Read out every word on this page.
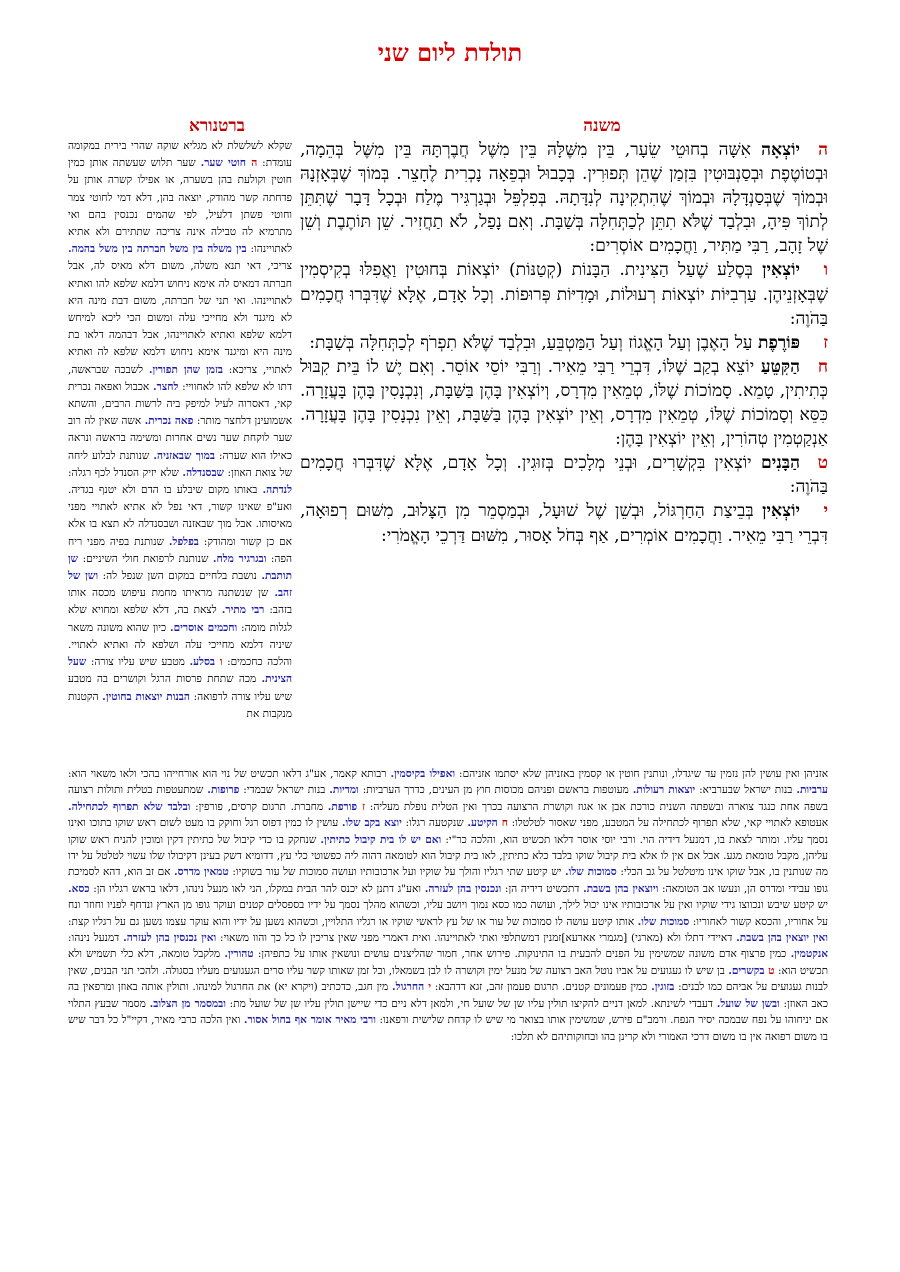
תולדת ליום שני
משנה
ברטנורא

היוֹצְאָה אִשָּׁה בְחוּטֵי שֵׂעָר, בֵּין מִשֶּׁלָּהּ בֵּין מִשֶּׁל חֲבֶרְתָּהּ בֵּין מִשֶּׁל בְּהֵמָה, וּבְטוֹטֶפֶת וּבְסַנְבּוּטִין בִּזְמַן שֶׁהֵן תְּפוּרִין. בְּכָבוּל וּבְפֵאָה נָכְרִית לֶחָצֵר. בְּמוֹךְ שֶׁבְּאָזְנָהּ וּבְמוֹךְ שֶׁבְּסַנְדָּלָהּ וּבְמוֹךְ שֶׁהִתְקִינָה לְנִדָּתָהּ. בְּפִלְפֵּל וּבְגַרְגִּיר מֶלַח וּבְכָל דָּבָר שֶׁתִּתֵּן לְתוֹךְ פִּיהָ, וּבִלְבַד שֶׁלֹּא תִתֵּן לְכַתְּחִלָּה בְּשַׁבָּת. וְאִם נָפַל, לֹא תַחֲזִיר. שֵׁן תּוֹתֶבֶת וְשֵׁן שֶׁל זָהָב, רַבִּי מַתִּיר, וַחֲכָמִים אוֹסְרִים:

ויוֹצְאִין בְּסֶלַע שֶׁעַל הַצִּינִית. הַבָּנוֹת (קְטַנּוֹת) יוֹצְאוֹת בְּחוּטִין וַאֲפִלּוּ בְקִיסְמִין שֶׁבְּאָזְנֵיהֶן. עַרְבִיּוֹת יוֹצְאוֹת רְעוּלוֹת, וּמָדִיּוֹת פְּרוּפוֹת. וְכָל אָדָם, אֶלָּא שֶׁדִּבְּרוּ חֲכָמִים בַּהֹוֶה:

זפּוֹרֶפֶת עַל הָאֶבֶן וְעַל הָאֱגוֹז וְעַל הַמַּטְבֵּעַ, וּבִלְבַד שֶׁלֹּא תִפְרֹף לְכַתְּחִלָּה בְּשַׁבָּת:

חהַקִּטֵּעַ יוֹצֵא בְקַב שֶׁלּוֹ, דִּבְרֵי רַבִּי מֵאִיר. וְרַבִּי יוֹסֵי אוֹסֵר. וְאִם יֶשׁ לוֹ בֵּית קִבּוּל כְּתִיתִין, טָמֵא. סָמוֹכוֹת שֶׁלּוֹ, טְמֵאִין מִדְרָס, וְיוֹצְאִין בָּהֶן בַּשַּׁבָּת, וְנִכְנָסִין בָּהֶן בָּעֲזָרָה. כִּסֵּא וְסָמוֹכוֹת שֶׁלּוֹ, טְמֵאִין מִדְרָס, וְאֵין יוֹצְאִין בָּהֶן בַּשַּׁבָּת, וְאֵין נִכְנָסִין בָּהֶן בָּעֲזָרָה. אַנְקַטְמִין טְהוֹרִין, וְאֵין יוֹצְאִין בָּהֶן:

טהַבָּנִים יוֹצְאִין בִּקְשָׁרִים, וּבְנֵי מְלָכִים בְּזוּגִין. וְכָל אָדָם, אֶלָּא שֶׁדִּבְּרוּ חֲכָמִים בַּהֹוֶה:

ייוֹצְאִין בְּבֵיצַת הַחַרְגּוֹל, וּבְשֵׁן שֶׁל שׁוּעָל, וּבְמַסְמֵר מִן הַצָּלוּב, מִשּׁוּם רְפוּאָה, דִּבְרֵי רַבִּי מֵאִיר. וַחֲכָמִים אוֹמְרִים, אַף בְּחֹל אָסוּר, מִשּׁוּם דַּרְכֵי הָאֱמֹרִי:

שקלא לשלשלת לא מגליא שוקה שהרי בירית במקומה עומדת: ה חוטי שער. שער תלוש שעשתה אותן כמין חוטין וקולעת בהן בשערה, או אפילו קשרה אותן על פדחתה קשר מהודק, יוצאה בהן, דלא דמי לחוטי צמר וחוטי פשתן דלעיל, לפי שהמים נכנסין בהם ואי מתרמיא לה טבילה אינה צריכה שתתירם ולא אתיא לאתויינהו: בין משלה בין משל חברתה בין משל בהמה. צריכי, דאי תנא משלה, משום דלא מאיס לה, אבל חברתה דמאיס לה אימא ניחוש דלמא שלפא להו ואתיא לאתויינהו. ואי תני של חברתה, משום דבת מינה היא לא מיגנד ולא מחייכי עלה ומשום הכי ליכא למיחש דלמא שלפא ואתיא לאתויינהו, אבל דבהמה דלאו בת מינה היא ומיגנד אימא ניחוש דלמא שלפא לה ואתיא לאתויי, צריכא: בזמן שהן תפורין. לשבכה שבראשה, דתו לא שלפא להו לאחוויי: לחצר. אכבול ואפאה נכרית קאי, דאסרוה לעיל למיפק ביה לרשות הרבים, והשתא אשמועינן דלחצר מותר: פאה נכרית. אשה שאין לה רוב שער לוקחת שער נשים אחרות ומשימה בראשה ונראה כאילו הוא שערה: במוך שבאזניה. שנותנת לבלוע ליחה של צואת האוזן: שבסנדלה. שלא יזיק הסנדל לכף רגלה: לנדתה. באותו מקום שיבלע בו הדם ולא יטנף בגדיה. ואע"פ שאינו קשור, דאי נפל לא אתיא לאתויי מפני מאיסותו. אבל מוך שבאזנה ושבסנדלה לא תצא בו אלא אם כן קשור ומהודק: בפלפל. שנותנת בפיה מפני ריח הפה: ובגרגיר מלח. שנותנת לרפואת חולי השיניים: שן תותבת. נושבת בלחיים במקום השן שנפל לה: ושן של זהב. שן שנשתנה מראיתו מחמת עיפוש מכסה אותו בזהב: רבי מתיר. לצאת בה, דלא שלפא ומחויא שלא לגלות מומה: וחכמים אוסרים. כיון שהוא משונה משאר שיניה דלמא מחייכי עלה ושלפא לה ואתיא לאתויי. והלכה כחכמים: ו בסלע. מטבע שיש עליו צורה: שעל הצינית. מכה שתחת פרסות הרגל וקושרים בה מטבע שיש עליו צורה לרפואה: הבנות יוצאות בחוטין. הקטנות מנקבות את

אזניהן ואין עושין להן נזמין עד שיגדלו, ונותנין חוטין או קסמין באזניהן שלא יסתמו אזניהם: ואפילו בקיסמין. רבותא קאמר, אע"ג דלאו תכשיט של נוי הוא אורחייהו בהכי ולאו משאוי הוא: ערביות. בנות ישראל שבערביא: יוצאות רעולות. מעוטפות בראשם ופניהם מכוסות חוץ מן העינים, כדרך הערביות: ומדיות. בנות ישראל שבמדי: פרופות. שמתעטפות בטלית ותולות רצועה בשפה אחת כנגד צוארה ובשפתה השנית כורכת אבן או אגוז וקושרת הרצועה בכרך ואין הטלית נופלת מעליה: ז פורפת. מחברת. תרגום קרסים, פורפין: ובלבד שלא תפרוף לכתחילה. אעטופא לאתויי קאי, שלא תפרוף לכתחילה על המטבע, מפני שאסור לטלטלו: ח הקיטע. שנקטעה רגלו: יוצא בקב שלו. עושין לו כמין דפוס רגל וחוקק בו מעט לשום ראש שוקו בתוכו ואינו נסמך עליו. ומותר לצאת בו, דמנעל דידיה הוי. ורבי יוסי אוסר דלאו תכשיט הוא, והלכה כר"י: ואם יש לו בית קיבול כתיתין. שנחקק בו כדי קיבול של כתיתין דקין ומוכין להניח ראש שוקו עליהן, מקבל טומאת מגע. אבל אם אין לו אלא בית קיבול שוקו בלבד כלא כתיתין, לאו בית קיבול הוא לטומאה דהוה ליה כפשוטי כלי עץ, דדומיא דשק בעינן דקיבולו שלו עשוי לטלטל על ידו מה שנותנין בו, אבל שוקו אינו מיטלטל על גב הכלי: סמוכות שלו. יש קיטע שתי רגליו והולך על שוקיו ועל ארכובותיו ועושה סמוכות של עור בשוקיו: טמאין מדרס. אם זב הוא, דהא לסמיכת גופו עבידי ומדרס הן, ונעשו אב הטומאה: ויוצאין בהן בשבת. דתכשיט דידיה הן: ונכנסין בהן לעזרה. ואע"ג דתנן לא יכנס להר הבית במקלו, הני לאו מנעל נינהו, דלאו בראש רגליו הן: כסא. יש קיטע שיבש ונכווצו גידי שוקיו ואין על ארכובותיו אינו יכול לילך, ועושה כמו כסא נמוך ויושב עליו, וכשהוא מהלך נסמך על ידיו בספסלים קטנים ועוקר גופו מן הארץ ונדחף לפניו וחוזר ונח על אחוריו, והכסא קשור לאחוריו: סמוכות שלו. אותו קיטע עושה לו סמוכות של עור או של עץ לראשי שוקיו או רגליו התלויין, וכשהוא נשען על ידיו והוא עוקר עצמו נשען גם על רגליו קצת: ואין יוצאין בהן בשבת. דאיידי דתלו ולא (מארגי) [מגמרי אארעא]זמנין דמשתלפי ואתי לאתויינהו. ואית דאמרי מפני שאין צריכין לו כל כך והוו משאוי: ואין נכנסין בהן לעזרה. דמנעל נינהו: אנקטמין. כמין פרצוף אדם משונה שמשימין על הפנים להבעית בו התינוקות. פירוש אחר, חמור שהליצנים עושים ונושאין אותו על כתפיהן: טהורין. מלקבל טומאה, דלא כלי תשמיש ולא תכשיט הוא: ט בקשרים. בן שיש לו געגועים על אביו נוטל האב רצועה של מנעל ימין וקושרה לו לבן בשמאלו, וכל זמן שאותו קשר עליו סרים הגעגועים מעליו בסגולה. ולהכי תני הבנים, שאין לבנות געגועים על אביהם כמו לבנים: בזוגין. כמין פעמונים קטנים. תרגום פעמון זהב, זגא דדהבא: י החרגול. מין חגב, כדכתיב (ויקרא יא) את החרגול למינהו. ותולין אותה באוזן ומרפאין בה כאב האוזן: ובשן של שועל. דעבדי לשינתא. למאן דניים להקיצו תולין עליו שן של שועל חי, ולמאן דלא ניים כדי שיישן תולין עליו שן של שועל מת: ובמסמר מן הצלוב. מסמר שבעץ התלוי אם יניחוהו על נפח שבמכה יסיר הנפח. ורמב"ם פירש, שמשימין אותו בצואר מי שיש לו קדחת שלישית ורפאנו: ורבי מאיר אומר אף בחול אסור. ואין הלכה כרבי מאיר, דקיי"ל כל דבר שיש בו משום רפואה אין בו משום דרכי האמורי ולא קרינן בהו ובחוקותיהם לא תלכו:
